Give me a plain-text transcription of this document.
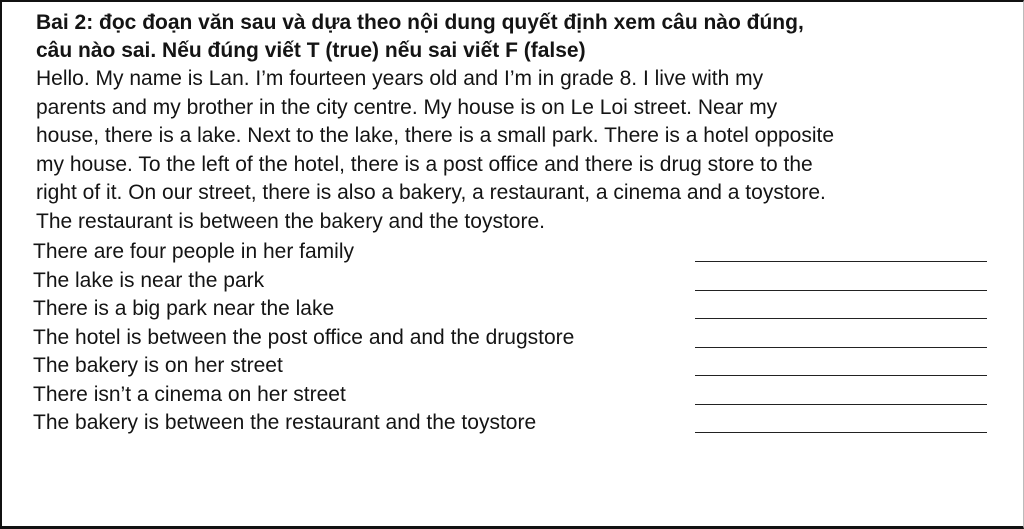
Bai 2: đọc đoạn văn sau và dựa theo nội dung quyết định xem câu nào đúng,
câu nào sai. Nếu đúng viết T (true) nếu sai viết F (false)
Hello. My name is Lan. I’m fourteen years old and I’m in grade 8. I live with my
parents and my brother in the city centre. My house is on Le Loi street. Near my
house, there is a lake. Next to the lake, there is a small park. There is a hotel opposite
my house. To the left of the hotel, there is a post office and there is drug store to the
right of it. On our street, there is also a bakery, a restaurant, a cinema and a toystore.
The restaurant is between the bakery and the toystore.
There are four people in her family
The lake is near the park
There is a big park near the lake
The hotel is between the post office and and the drugstore
The bakery is on her street
There isn’t a cinema on her street
The bakery is between the restaurant and the toystore
